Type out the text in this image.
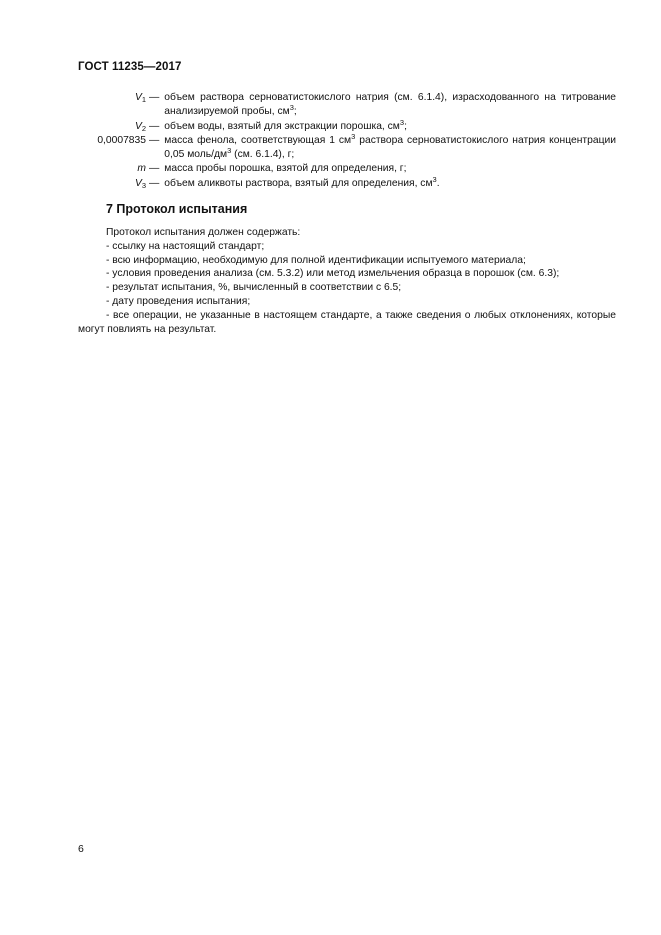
ГОСТ 11235—2017
$V_1$ — объем раствора серноватистокислого натрия (см. 6.1.4), израсходованного на титрование анализируемой пробы, $см^3$;
$V_2$ — объем воды, взятый для экстракции порошка, $см^3$;
0,0007835 — масса фенола, соответствующая 1 $см^3$ раствора серноватистокислого натрия концентрации 0,05 моль/$дм^3$ (см. 6.1.4), г;
m — масса пробы порошка, взятой для определения, г;
$V_3$ — объем аликвоты раствора, взятый для определения, $см^3$.
7 Протокол испытания

Протокол испытания должен содержать:

- ссылку на настоящий стандарт;

- всю информацию, необходимую для полной идентификации испытуемого материала;

- условия проведения анализа (см. 5.3.2) или метод измельчения образца в порошок (см. 6.3);

- результат испытания, %, вычисленный в соответствии с 6.5;

- дату проведения испытания;

- все операции, не указанные в настоящем стандарте, а также сведения о любых отклонениях, которые могут повлиять на результат.

6
